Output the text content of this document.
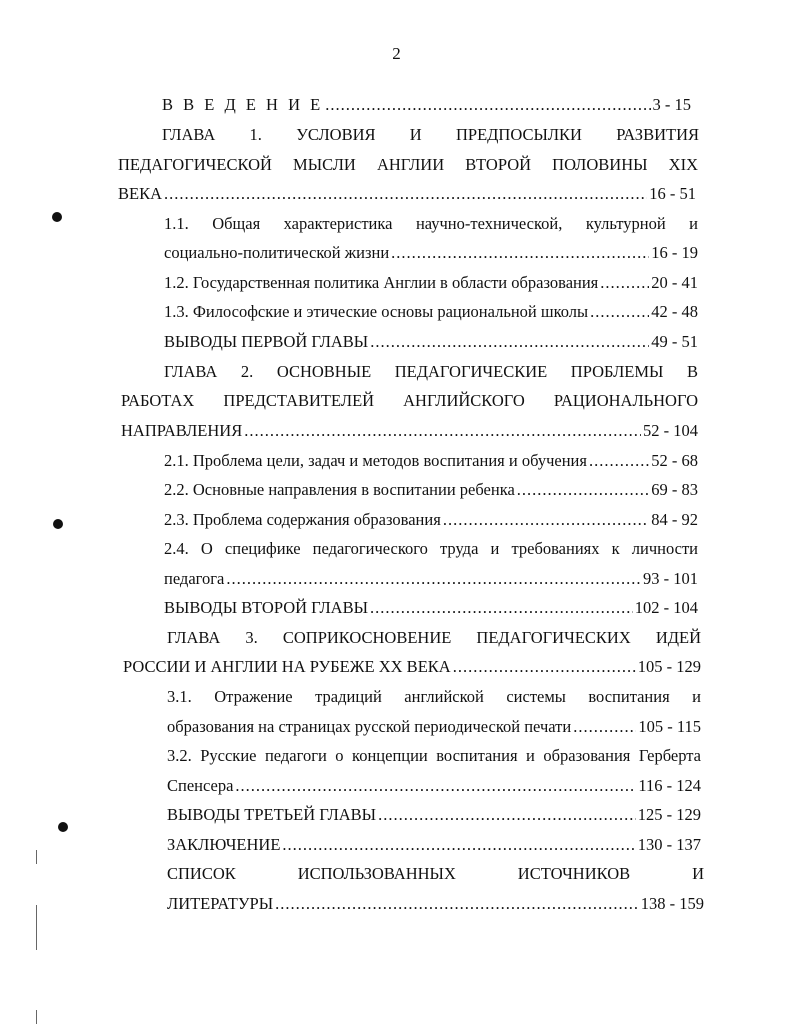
2
В В Е Д Е Н И Е .....	3 - 15
ГЛАВА 1. УСЛОВИЯ И ПРЕДПОСЫЛКИ РАЗВИТИЯ
ПЕДАГОГИЧЕСКОЙ МЫСЛИ АНГЛИИ ВТОРОЙ ПОЛОВИНЫ XIX
ВЕКА .....	16 - 51
1.1. Общая характеристика научно-технической, культурной и
социально-политической жизни .....	16 - 19
1.2. Государственная политика Англии в области образования .....	20 - 41
1.3. Философские и этические основы рациональной школы .....	42 - 48
ВЫВОДЫ ПЕРВОЙ ГЛАВЫ .....	49 - 51
ГЛАВА 2. ОСНОВНЫЕ ПЕДАГОГИЧЕСКИЕ ПРОБЛЕМЫ В
РАБОТАХ ПРЕДСТАВИТЕЛЕЙ АНГЛИЙСКОГО РАЦИОНАЛЬНОГО
НАПРАВЛЕНИЯ .....	52 - 104
2.1. Проблема цели, задач и методов воспитания и обучения .....	52 - 68
2.2. Основные направления в воспитании ребенка .....	69 - 83
2.3. Проблема содержания образования .....	84 - 92
2.4. О специфике педагогического труда и требованиях к личности
педагога .....	93 - 101
ВЫВОДЫ ВТОРОЙ ГЛАВЫ .....	102 - 104
ГЛАВА 3. СОПРИКОСНОВЕНИЕ ПЕДАГОГИЧЕСКИХ ИДЕЙ
РОССИИ И АНГЛИИ НА РУБЕЖЕ XX ВЕКА .....	105 - 129
3.1. Отражение традиций английской системы воспитания и
образования на страницах русской периодической печати .....	105 - 115
3.2. Русские педагоги о концепции воспитания и образования Герберта
Спенсера .....	116 - 124
ВЫВОДЫ ТРЕТЬЕЙ ГЛАВЫ .....	125 - 129
ЗАКЛЮЧЕНИЕ .....	130 - 137
СПИСОК ИСПОЛЬЗОВАННЫХ ИСТОЧНИКОВ И
ЛИТЕРАТУРЫ .....	138 - 159
